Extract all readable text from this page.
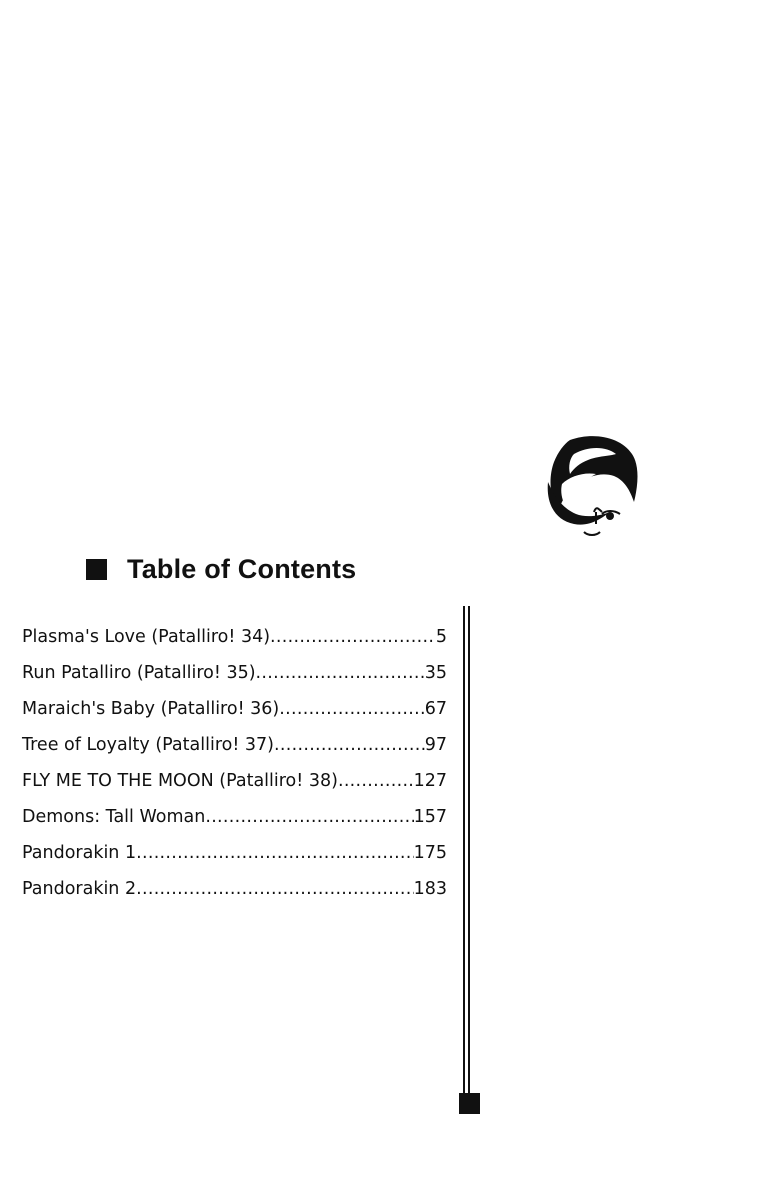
Table of Contents
Plasma's Love (Patalliro! 34) .....	5
Run Patalliro (Patalliro! 35) .....	35
Maraich's Baby (Patalliro! 36) .....	67
Tree of Loyalty (Patalliro! 37) .....	97
FLY ME TO THE MOON (Patalliro! 38) .....	127
Demons: Tall Woman .....	157
Pandorakin 1 .....	175
Pandorakin 2 .....	183
